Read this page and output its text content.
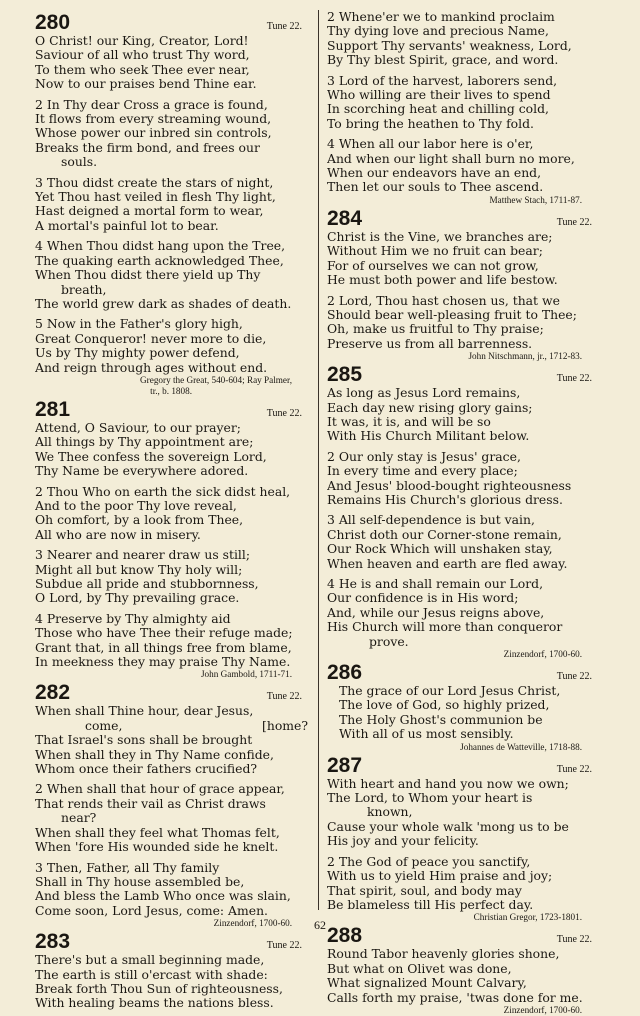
280	Tune 22.
O Christ! our King, Creator, Lord!
Saviour of all who trust Thy word,
To them who seek Thee ever near,
Now to our praises bend Thine ear.
2 In Thy dear Cross a grace is found,
It flows from every streaming wound,
Whose power our inbred sin controls,
Breaks the firm bond, and frees our
souls.
3 Thou didst create the stars of night,
Yet Thou hast veiled in flesh Thy light,
Hast deigned a mortal form to wear,
A mortal's painful lot to bear.
4 When Thou didst hang upon the Tree,
The quaking earth acknowledged Thee,
When Thou didst there yield up Thy
breath,
The world grew dark as shades of death.
5 Now in the Father's glory high,
Great Conqueror! never more to die,
Us by Thy mighty power defend,
And reign through ages without end.
Gregory the Great, 540-604; Ray Palmer,
tr., b. 1808.
281	Tune 22.
Attend, O Saviour, to our prayer;
All things by Thy appointment are;
We Thee confess the sovereign Lord,
Thy Name be everywhere adored.
2 Thou Who on earth the sick didst heal,
And to the poor Thy love reveal,
Oh comfort, by a look from Thee,
All who are now in misery.
3 Nearer and nearer draw us still;
Might all but know Thy holy will;
Subdue all pride and stubbornness,
O Lord, by Thy prevailing grace.
4 Preserve by Thy almighty aid
Those who have Thee their refuge made;
Grant that, in all things free from blame,
In meekness they may praise Thy Name.
John Gambold, 1711-71.
282	Tune 22.
When shall Thine hour, dear Jesus,
come,	[home?
That Israel's sons shall be brought
When shall they in Thy Name confide,
Whom once their fathers crucified?
2 When shall that hour of grace appear,
That rends their vail as Christ draws
near?
When shall they feel what Thomas felt,
When 'fore His wounded side he knelt.
3 Then, Father, all Thy family
Shall in Thy house assembled be,
And bless the Lamb Who once was slain,
Come soon, Lord Jesus, come: Amen.
Zinzendorf, 1700-60.
283	Tune 22.
There's but a small beginning made,
The earth is still o'ercast with shade:
Break forth Thou Sun of righteousness,
With healing beams the nations bless.
2 Whene'er we to mankind proclaim
Thy dying love and precious Name,
Support Thy servants' weakness, Lord,
By Thy blest Spirit, grace, and word.
3 Lord of the harvest, laborers send,
Who willing are their lives to spend
In scorching heat and chilling cold,
To bring the heathen to Thy fold.
4 When all our labor here is o'er,
And when our light shall burn no more,
When our endeavors have an end,
Then let our souls to Thee ascend.
Matthew Stach, 1711-87.
284	Tune 22.
Christ is the Vine, we branches are;
Without Him we no fruit can bear;
For of ourselves we can not grow,
He must both power and life bestow.
2 Lord, Thou hast chosen us, that we
Should bear well-pleasing fruit to Thee;
Oh, make us fruitful to Thy praise;
Preserve us from all barrenness.
John Nitschmann, jr., 1712-83.
285	Tune 22.
As long as Jesus Lord remains,
Each day new rising glory gains;
It was, it is, and will be so
With His Church Militant below.
2 Our only stay is Jesus' grace,
In every time and every place;
And Jesus' blood-bought righteousness
Remains His Church's glorious dress.
3 All self-dependence is but vain,
Christ doth our Corner-stone remain,
Our Rock Which will unshaken stay,
When heaven and earth are fled away.
4 He is and shall remain our Lord,
Our confidence is in His word;
And, while our Jesus reigns above,
His Church will more than conqueror
prove.
Zinzendorf, 1700-60.
286	Tune 22.
The grace of our Lord Jesus Christ,
The love of God, so highly prized,
The Holy Ghost's communion be
With all of us most sensibly.
Johannes de Watteville, 1718-88.
287	Tune 22.
With heart and hand you now we own;
The Lord, to Whom your heart is
known,
Cause your whole walk 'mong us to be
His joy and your felicity.
2 The God of peace you sanctify,
With us to yield Him praise and joy;
That spirit, soul, and body may
Be blameless till His perfect day.
Christian Gregor, 1723-1801.
288	Tune 22.
Round Tabor heavenly glories shone,
But what on Olivet was done,
What signalized Mount Calvary,
Calls forth my praise, 'twas done for me.
Zinzendorf, 1700-60.
62
